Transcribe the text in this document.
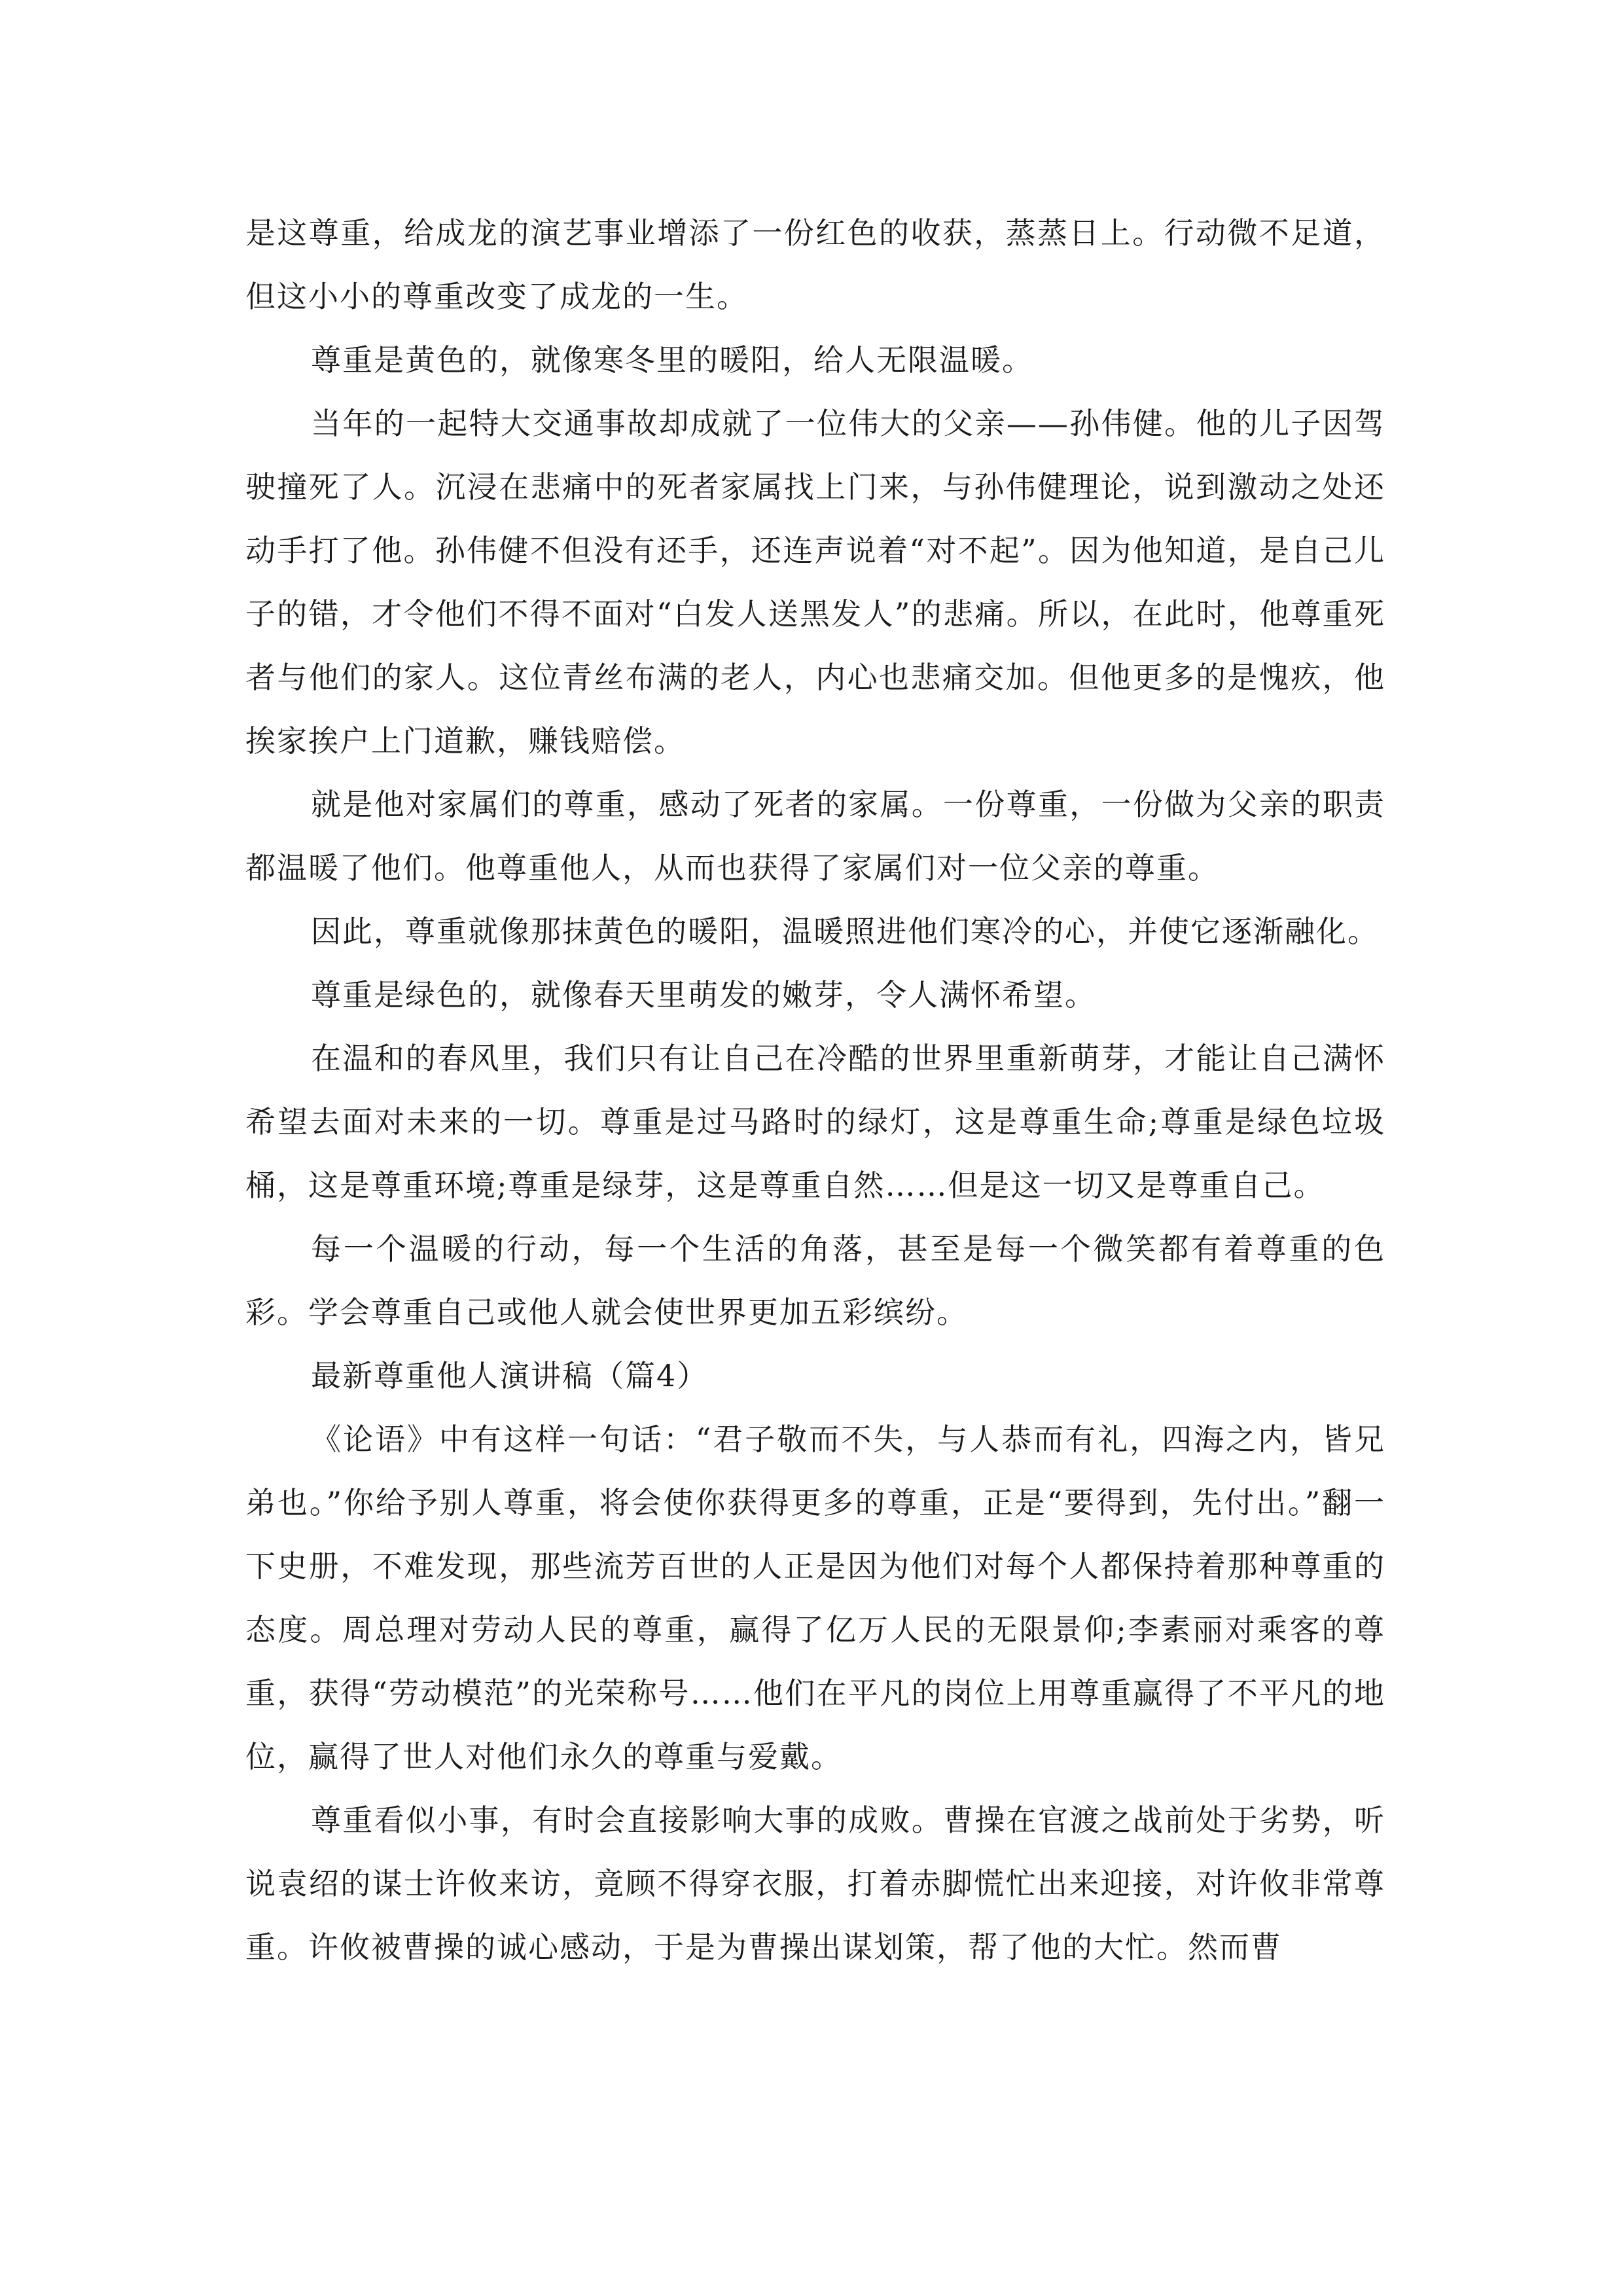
是这尊重，给成龙的演艺事业增添了一份红色的收获，蒸蒸日上。行动微不足道，但这小小的尊重改变了成龙的一生。

尊重是黄色的，就像寒冬里的暖阳，给人无限温暖。

当年的一起特大交通事故却成就了一位伟大的父亲——孙伟健。他的儿子因驾驶撞死了人。沉浸在悲痛中的死者家属找上门来，与孙伟健理论，说到激动之处还动手打了他。孙伟健不但没有还手，还连声说着“对不起”。因为他知道，是自己儿子的错，才令他们不得不面对“白发人送黑发人”的悲痛。所以，在此时，他尊重死者与他们的家人。这位青丝布满的老人，内心也悲痛交加。但他更多的是愧疚，他挨家挨户上门道歉，赚钱赔偿。

就是他对家属们的尊重，感动了死者的家属。一份尊重，一份做为父亲的职责都温暖了他们。他尊重他人，从而也获得了家属们对一位父亲的尊重。

因此，尊重就像那抹黄色的暖阳，温暖照进他们寒冷的心，并使它逐渐融化。

尊重是绿色的，就像春天里萌发的嫩芽，令人满怀希望。

在温和的春风里，我们只有让自己在冷酷的世界里重新萌芽，才能让自己满怀希望去面对未来的一切。尊重是过马路时的绿灯，这是尊重生命;尊重是绿色垃圾桶，这是尊重环境;尊重是绿芽，这是尊重自然……但是这一切又是尊重自己。

每一个温暖的行动，每一个生活的角落，甚至是每一个微笑都有着尊重的色彩。学会尊重自己或他人就会使世界更加五彩缤纷。

最新尊重他人演讲稿（篇4）

《论语》中有这样一句话：“君子敬而不失，与人恭而有礼，四海之内，皆兄弟也。”你给予别人尊重，将会使你获得更多的尊重，正是“要得到，先付出。”翻一下史册，不难发现，那些流芳百世的人正是因为他们对每个人都保持着那种尊重的态度。周总理对劳动人民的尊重，赢得了亿万人民的无限景仰;李素丽对乘客的尊重，获得“劳动模范”的光荣称号……他们在平凡的岗位上用尊重赢得了不平凡的地位，赢得了世人对他们永久的尊重与爱戴。

尊重看似小事，有时会直接影响大事的成败。曹操在官渡之战前处于劣势，听说袁绍的谋士许攸来访，竟顾不得穿衣服，打着赤脚慌忙出来迎接，对许攸非常尊重。许攸被曹操的诚心感动，于是为曹操出谋划策，帮了他的大忙。然而曹
